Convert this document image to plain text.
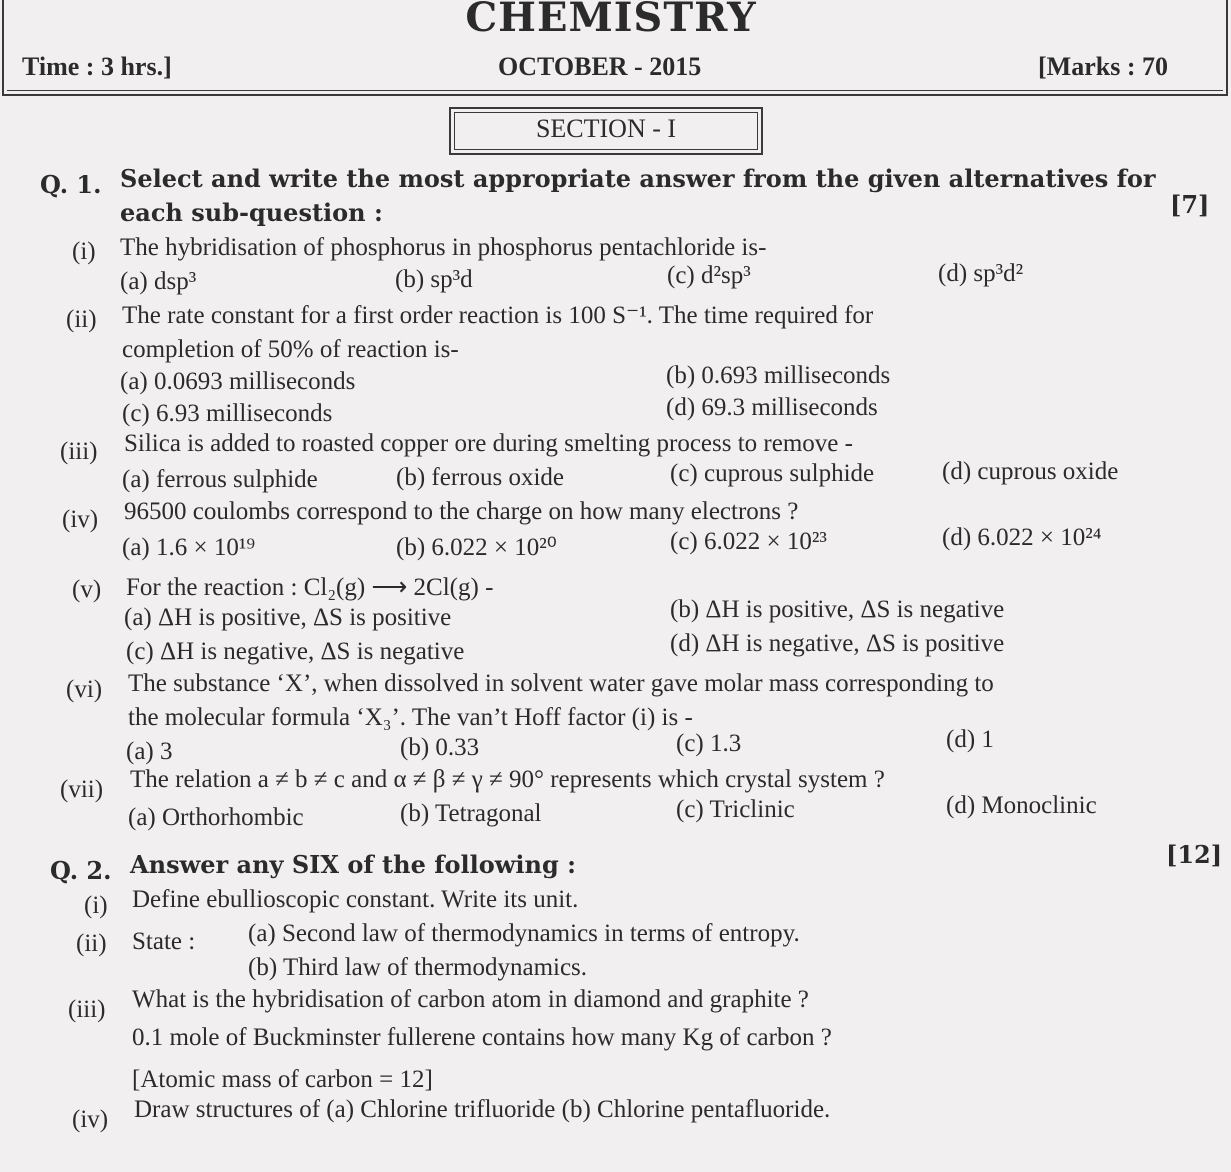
CHEMISTRY
Time : 3 hrs.]	OCTOBER - 2015	[Marks : 70
SECTION - I
Q. 1. Select and write the most appropriate answer from the given alternatives for
each sub-question :	[7]
(i) The hybridisation of phosphorus in phosphorus pentachloride is-
(a) dsp³	(b) sp³d	(c) d²sp³	(d) sp³d²
(ii) The rate constant for a first order reaction is 100 S⁻¹. The time required for
completion of 50% of reaction is-
(a) 0.0693 milliseconds	(b) 0.693 milliseconds
(c) 6.93 milliseconds	(d) 69.3 milliseconds
(iii) Silica is added to roasted copper ore during smelting process to remove -
(a) ferrous sulphide	(b) ferrous oxide	(c) cuprous sulphide	(d) cuprous oxide
(iv) 96500 coulombs correspond to the charge on how many electrons ?
(a) 1.6 × 10¹⁹	(b) 6.022 × 10²⁰	(c) 6.022 × 10²³	(d) 6.022 × 10²⁴
(v) For the reaction : Cl₂(g) ⟶ 2Cl(g) -
(a) ΔH is positive, ΔS is positive	(b) ΔH is positive, ΔS is negative
(c) ΔH is negative, ΔS is negative	(d) ΔH is negative, ΔS is positive
(vi) The substance ‘X’, when dissolved in solvent water gave molar mass corresponding to
the molecular formula ‘X₃’. The van’t Hoff factor (i) is -
(a) 3	(b) 0.33	(c) 1.3	(d) 1
(vii) The relation a ≠ b ≠ c and α ≠ β ≠ γ ≠ 90° represents which crystal system ?
(a) Orthorhombic	(b) Tetragonal	(c) Triclinic	(d) Monoclinic
Q. 2. Answer any SIX of the following :	[12]
(i) Define ebullioscopic constant. Write its unit.
(ii) State : (a) Second law of thermodynamics in terms of entropy.
(b) Third law of thermodynamics.
(iii) What is the hybridisation of carbon atom in diamond and graphite ?
0.1 mole of Buckminster fullerene contains how many Kg of carbon ?
[Atomic mass of carbon = 12]
(iv) Draw structures of (a) Chlorine trifluoride (b) Chlorine pentafluoride.
